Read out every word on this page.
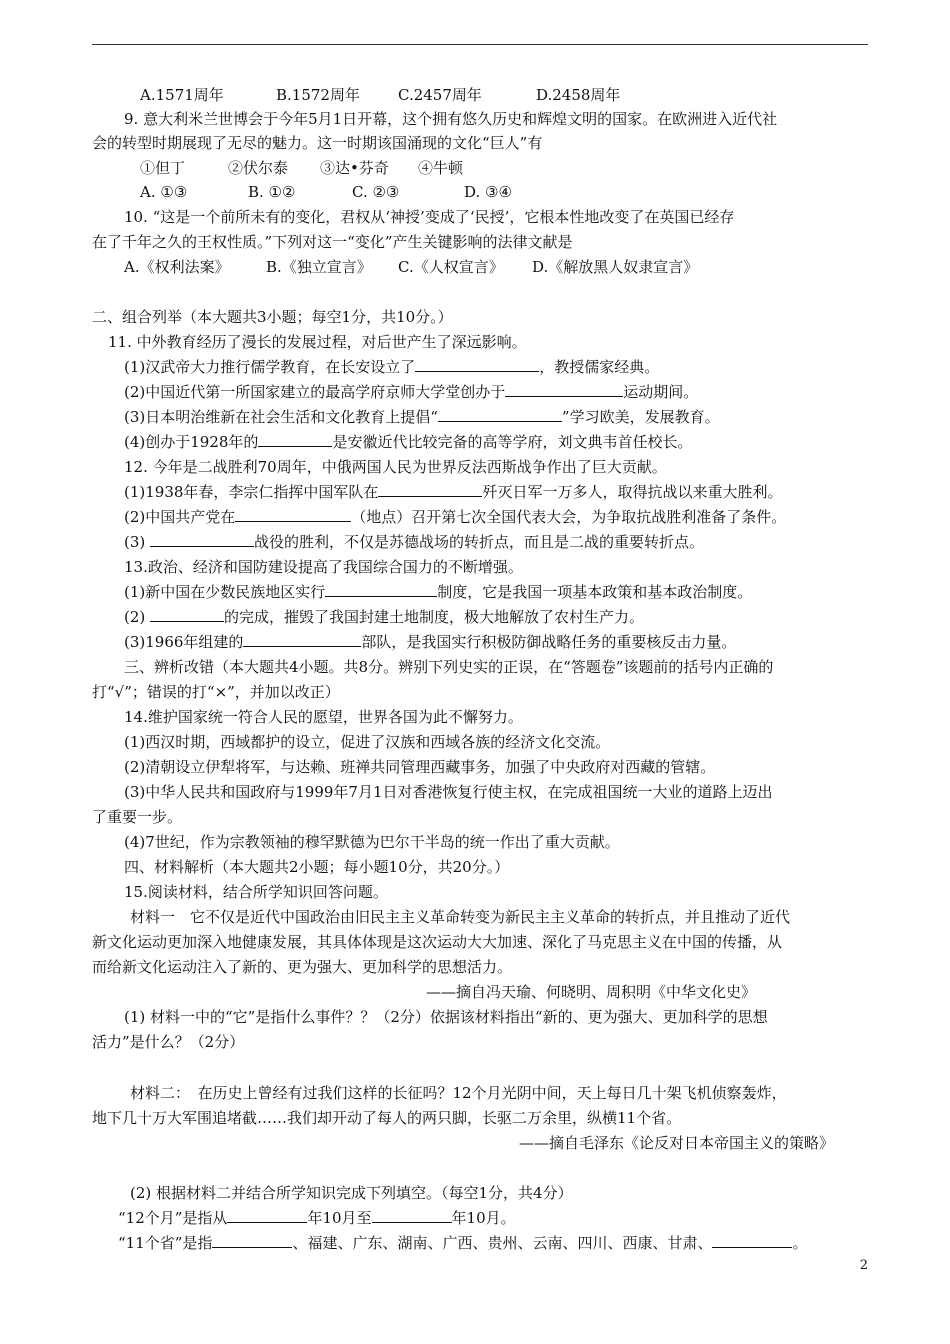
A.1571周年	B.1572周年	C.2457周年	D.2458周年
9. 意大利米兰世博会于今年5月1日开幕，这个拥有悠久历史和辉煌文明的国家。在欧洲进入近代社
会的转型时期展现了无尽的魅力。这一时期该国涌现的文化“巨人”有
①但丁	②伏尔泰 ③达•芬奇 ④牛顿
A. ①③	B. ①②	C. ②③	D. ③④
10. “这是一个前所未有的变化，君权从‘神授’变成了‘民授’，它根本性地改变了在英国已经存
在了千年之久的王权性质。”下列对这一“变化”产生关键影响的法律文献是
A.《权利法案》 B.《独立宣言》 C.《人权宣言》 D.《解放黑人奴隶宣言》
二、组合列举（本大题共3小题；每空1分，共10分。）
11. 中外教育经历了漫长的发展过程，对后世产生了深远影响。
(1)汉武帝大力推行儒学教育，在长安设立了	，教授儒家经典。
(2)中国近代第一所国家建立的最高学府京师大学堂创办于	运动期间。
(3)日本明治维新在社会生活和文化教育上提倡“	”学习欧美，发展教育。
(4)创办于1928年的	是安徽近代比较完备的高等学府，刘文典韦首任校长。
12. 今年是二战胜利70周年，中俄两国人民为世界反法西斯战争作出了巨大贡献。
(1)1938年春，李宗仁指挥中国军队在	歼灭日军一万多人，取得抗战以来重大胜利。
(2)中国共产党在	（地点）召开第七次全国代表大会，为争取抗战胜利准备了条件。
(3)	战役的胜利，不仅是苏德战场的转折点，而且是二战的重要转折点。
13.政治、经济和国防建设提高了我国综合国力的不断增强。
(1)新中国在少数民族地区实行	制度，它是我国一项基本政策和基本政治制度。
(2)	的完成，摧毁了我国封建土地制度，极大地解放了农村生产力。
(3)1966年组建的	部队，是我国实行积极防御战略任务的重要核反击力量。
三、辨析改错（本大题共4小题。共8分。辨别下列史实的正误，在“答题卷”该题前的括号内正确的
打“√”；错误的打“×”，并加以改正）
14.维护国家统一符合人民的愿望，世界各国为此不懈努力。
(1)西汉时期，西域都护的设立，促进了汉族和西域各族的经济文化交流。
(2)清朝设立伊犁将军，与达赖、班禅共同管理西藏事务，加强了中央政府对西藏的管辖。
(3)中华人民共和国政府与1999年7月1日对香港恢复行使主权，在完成祖国统一大业的道路上迈出
了重要一步。
(4)7世纪，作为宗教领袖的穆罕默德为巴尔干半岛的统一作出了重大贡献。
四、材料解析（本大题共2小题；每小题10分，共20分。）
15.阅读材料，结合所学知识回答问题。
材料一　它不仅是近代中国政治由旧民主主义革命转变为新民主主义革命的转折点，并且推动了近代
新文化运动更加深入地健康发展，其具体体现是这次运动大大加速、深化了马克思主义在中国的传播，从
而给新文化运动注入了新的、更为强大、更加科学的思想活力。
——摘自冯天瑜、何晓明、周积明《中华文化史》
(1) 材料一中的“它”是指什么事件？？（2分）依据该材料指出“新的、更为强大、更加科学的思想
活力”是什么？（2分）
材料二：　在历史上曾经有过我们这样的长征吗？12个月光阴中间，天上每日几十架飞机侦察轰炸，
地下几十万大军围追堵截……我们却开动了每人的两只脚，长驱二万余里，纵横11个省。
——摘自毛泽东《论反对日本帝国主义的策略》
(2) 根据材料二并结合所学知识完成下列填空。（每空1分，共4分）
“12个月”是指从	年10月至	年10月。
“11个省”是指	、福建、广东、湖南、广西、贵州、云南、四川、西康、甘肃、	。
2
